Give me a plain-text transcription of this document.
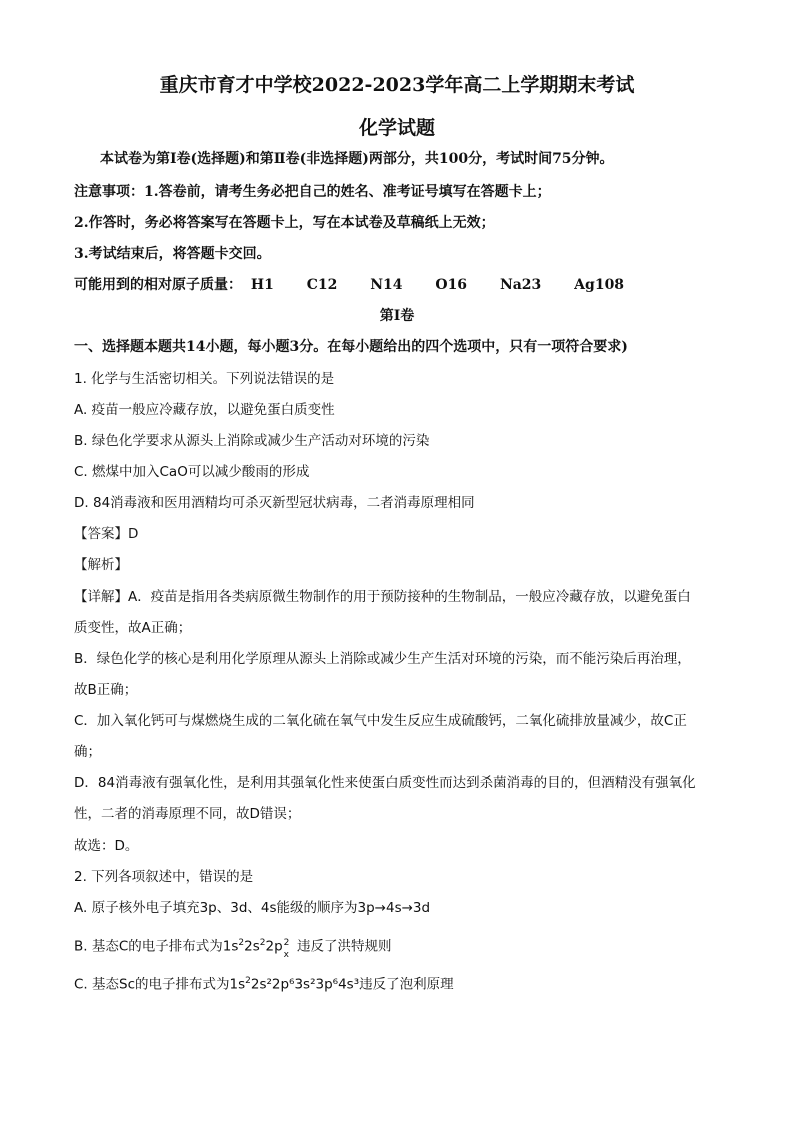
重庆市育才中学校2022-2023学年高二上学期期末考试
化学试题
本试卷为第Ⅰ卷(选择题)和第Ⅱ卷(非选择题)两部分，共100分，考试时间75分钟。
注意事项：1.答卷前，请考生务必把自己的姓名、准考证号填写在答题卡上；
2.作答时，务必将答案写在答题卡上，写在本试卷及草稿纸上无效；
3.考试结束后，将答题卡交回。
可能用到的相对原子质量： H1 C12 N14 O16 Na23 Ag108
第Ⅰ卷
一、选择题本题共14小题，每小题3分。在每小题给出的四个选项中，只有一项符合要求)
1. 化学与生活密切相关。下列说法错误的是
A. 疫苗一般应冷藏存放，以避免蛋白质变性
B. 绿色化学要求从源头上消除或减少生产活动对环境的污染
C. 燃煤中加入CaO可以减少酸雨的形成
D. 84消毒液和医用酒精均可杀灭新型冠状病毒，二者消毒原理相同
【答案】D
【解析】
【详解】A．疫苗是指用各类病原微生物制作的用于预防接种的生物制品，一般应冷藏存放，以避免蛋白
质变性，故A正确；
B．绿色化学的核心是利用化学原理从源头上消除或减少生产生活对环境的污染，而不能污染后再治理，
故B正确；
C．加入氧化钙可与煤燃烧生成的二氧化硫在氧气中发生反应生成硫酸钙，二氧化硫排放量减少，故C正
确；
D．84消毒液有强氧化性，是利用其强氧化性来使蛋白质变性而达到杀菌消毒的目的，但酒精没有强氧化
性，二者的消毒原理不同，故D错误；
故选：D。
2. 下列各项叙述中，错误的是
A. 原子核外电子填充3p、3d、4s能级的顺序为3p→4s→3d
B. 基态C的电子排布式为$1s^22s^22p$ 2
x 违反了洪特规则
C. 基态Sc的电子排布式为$1s^22s^22p^63s^23p^64s^3$违反了泡利原理
